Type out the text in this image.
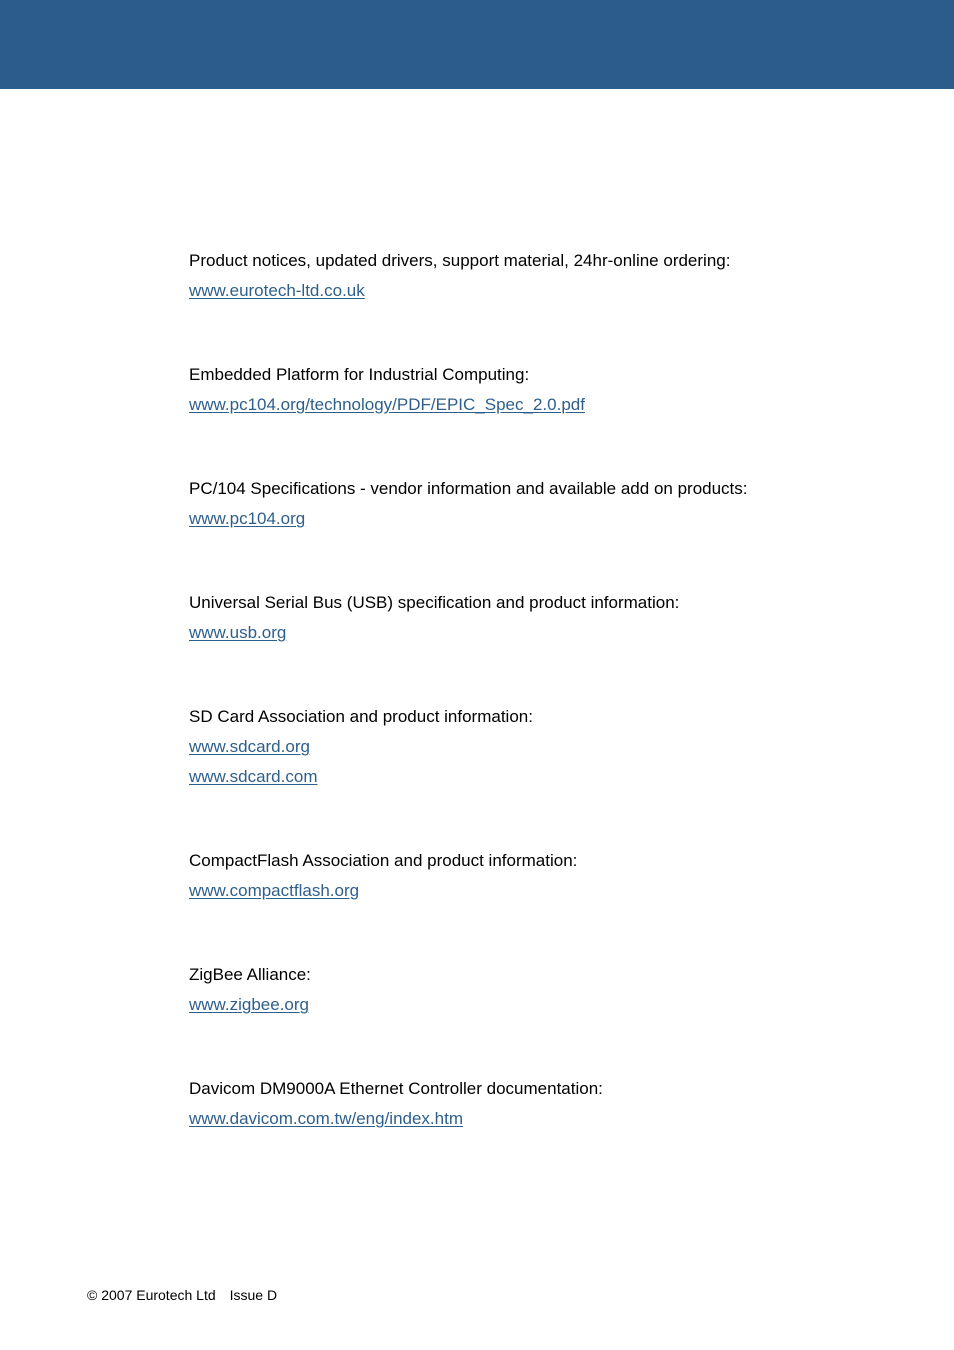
Product notices, updated drivers, support material, 24hr-online ordering:
www.eurotech-ltd.co.uk
Embedded Platform for Industrial Computing:
www.pc104.org/technology/PDF/EPIC_Spec_2.0.pdf
PC/104 Specifications - vendor information and available add on products:
www.pc104.org
Universal Serial Bus (USB) specification and product information:
www.usb.org
SD Card Association and product information:
www.sdcard.org
www.sdcard.com
CompactFlash Association and product information:
www.compactflash.org
ZigBee Alliance:
www.zigbee.org
Davicom DM9000A Ethernet Controller documentation:
www.davicom.com.tw/eng/index.htm
© 2007 Eurotech Ltd Issue D
